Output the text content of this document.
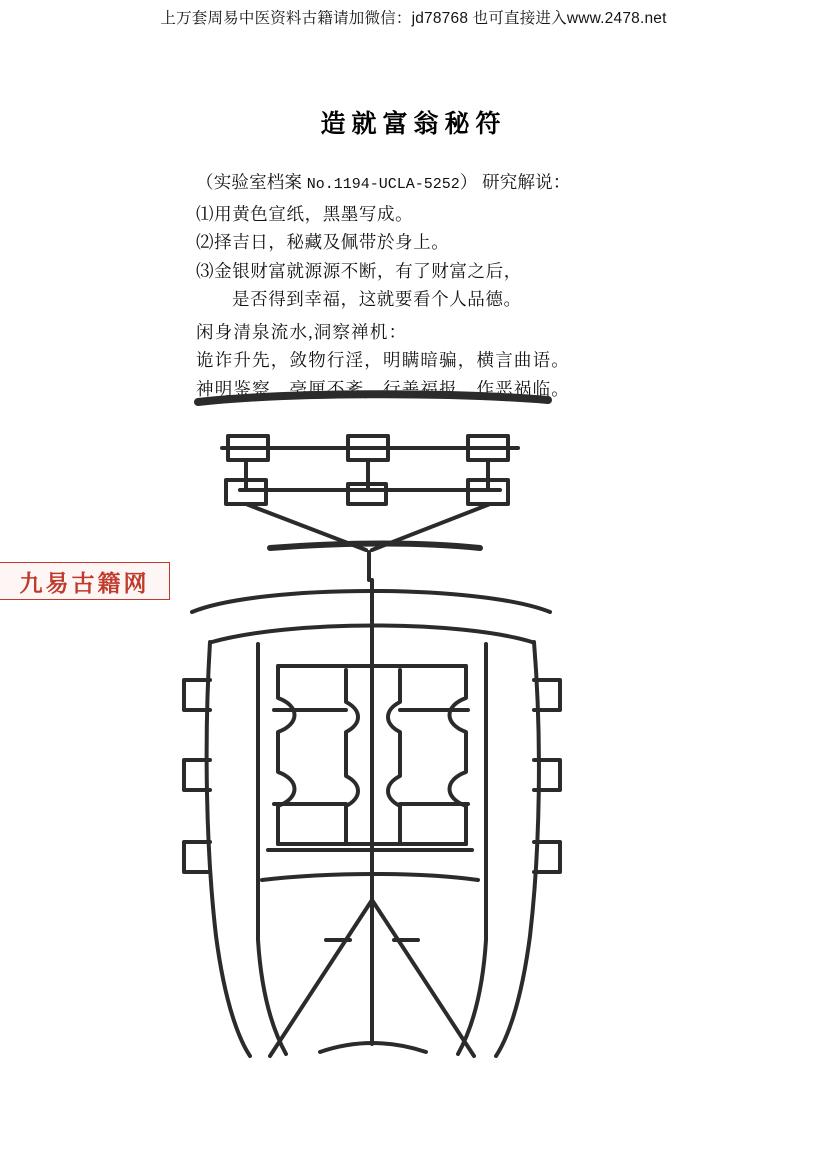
上万套周易中医资料古籍请加微信：jd78768 也可直接进入www.2478.net
造就富翁秘符
（实验室档案 No.1194-UCLA-5252） 研究解说：
⑴用黄色宣纸，黑墨写成。
⑵择吉日，秘藏及佩带於身上。
⑶金银财富就源源不断，有了财富之后，
是否得到幸福，这就要看个人品德。
闲身清泉流水,洞察禅机：
诡诈升先，敛物行淫，明瞒暗骗，横言曲语。
神明鉴察，亳厘不紊，行善福报，作恶祸临。
九易古籍网
